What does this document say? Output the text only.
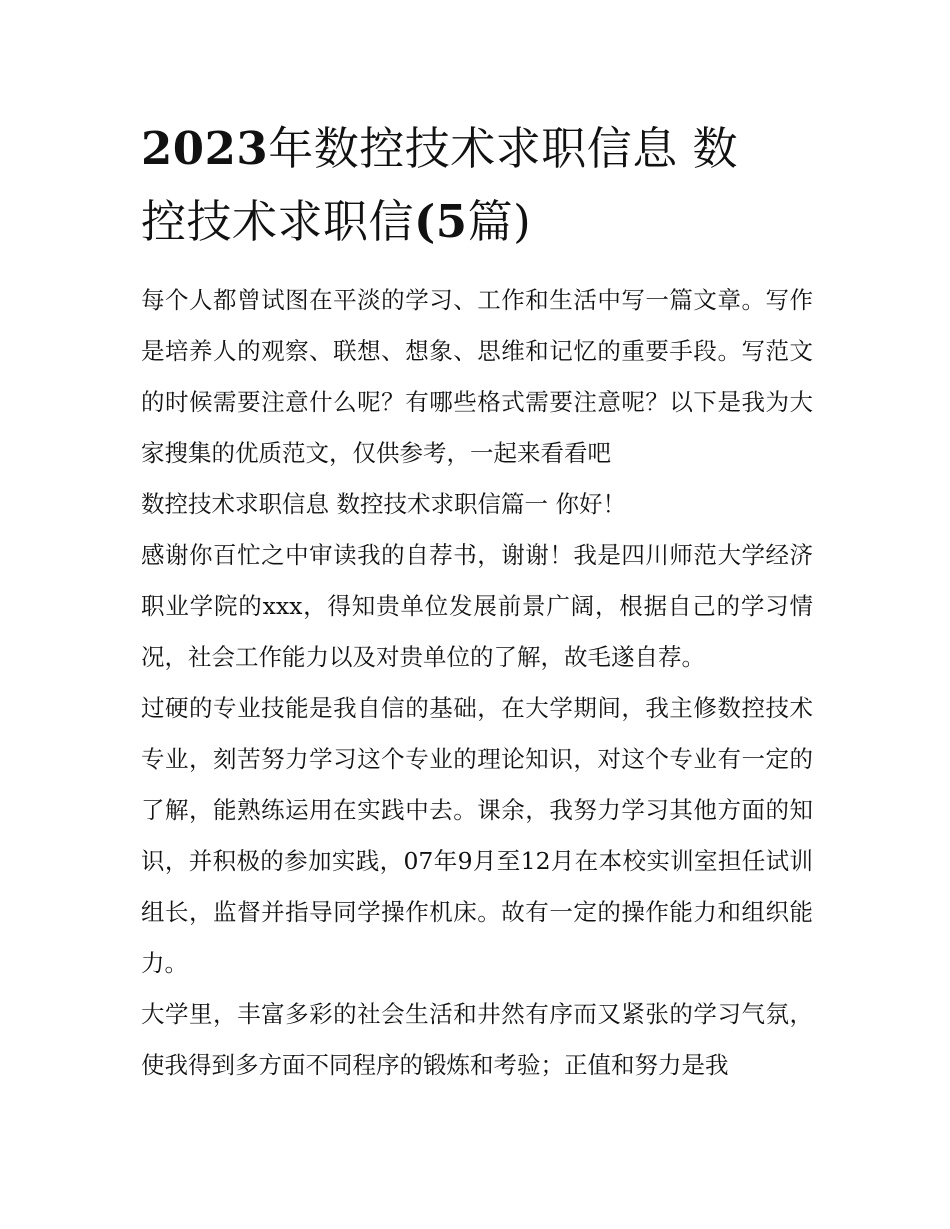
2023年数控技术求职信息 数
控技术求职信(5篇)

每个人都曾试图在平淡的学习、工作和生活中写一篇文章。写作是培养人的观察、联想、想象、思维和记忆的重要手段。写范文的时候需要注意什么呢？有哪些格式需要注意呢？以下是我为大家搜集的优质范文，仅供参考，一起来看看吧

数控技术求职信息 数控技术求职信篇一 你好！

感谢你百忙之中审读我的自荐书，谢谢！我是四川师范大学经济职业学院的xxx，得知贵单位发展前景广阔，根据自己的学习情况，社会工作能力以及对贵单位的了解，故毛遂自荐。

过硬的专业技能是我自信的基础，在大学期间，我主修数控技术专业，刻苦努力学习这个专业的理论知识，对这个专业有一定的了解，能熟练运用在实践中去。课余，我努力学习其他方面的知识，并积极的参加实践，07年9月至12月在本校实训室担任试训组长，监督并指导同学操作机床。故有一定的操作能力和组织能力。

大学里，丰富多彩的社会生活和井然有序而又紧张的学习气氛，使我得到多方面不同程序的锻炼和考验；正值和努力是我
